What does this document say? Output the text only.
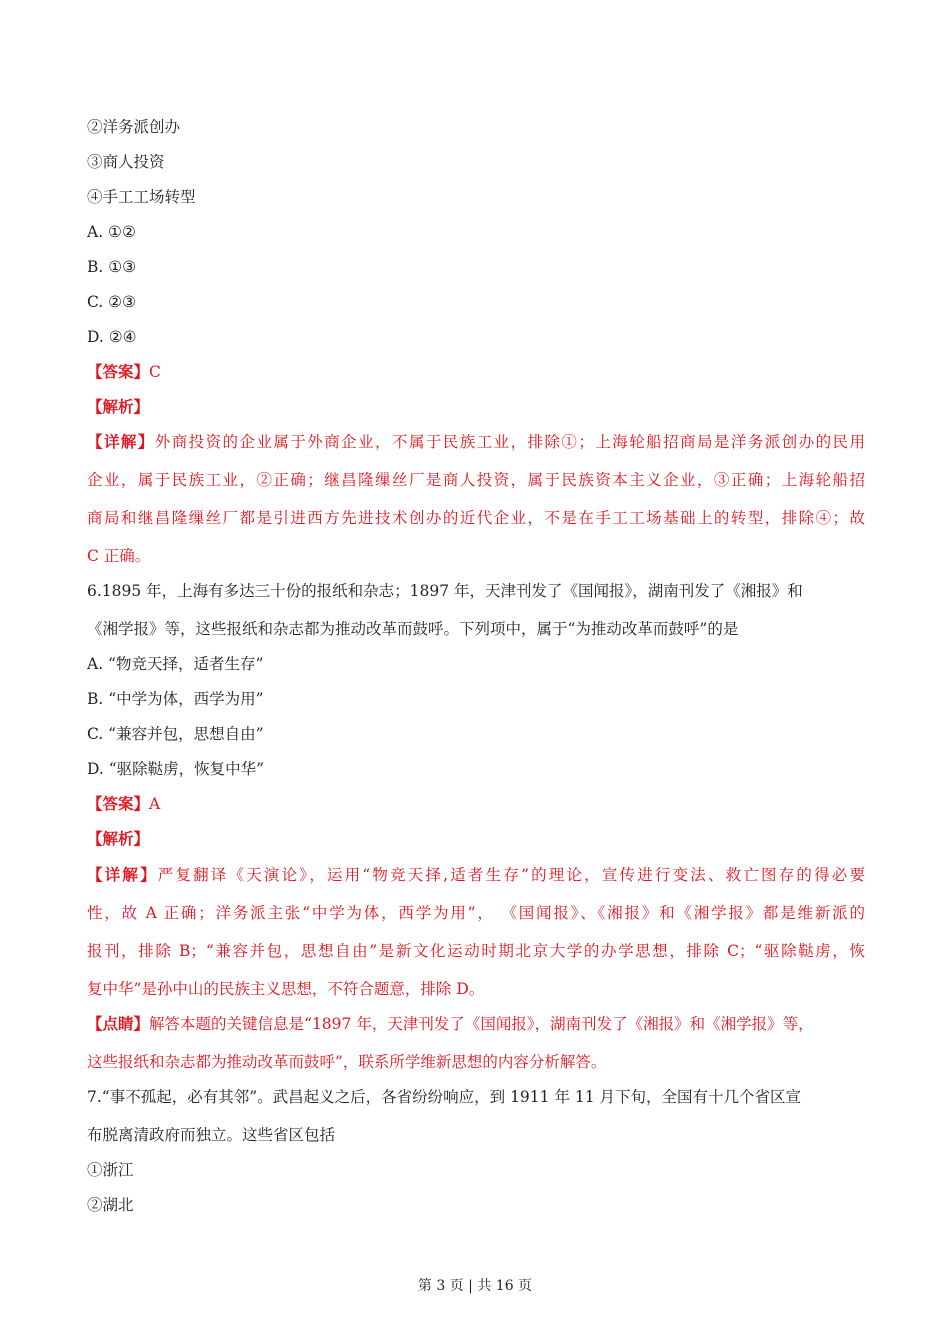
②洋务派创办
③商人投资
④手工工场转型
A. ①②
B. ①③
C. ②③
D. ②④
【答案】C
【解析】
【详解】外商投资的企业属于外商企业，不属于民族工业，排除①；上海轮船招商局是洋务派创办的民用
企业，属于民族工业，②正确；继昌隆缫丝厂是商人投资，属于民族资本主义企业，③正确；上海轮船招
商局和继昌隆缫丝厂都是引进西方先进技术创办的近代企业，不是在手工工场基础上的转型，排除④；故
C 正确。
6.1895 年，上海有多达三十份的报纸和杂志；1897 年，天津刊发了《国闻报》，湖南刊发了《湘报》和
《湘学报》等，这些报纸和杂志都为推动改革而鼓呼。下列项中，属于“为推动改革而鼓呼”的是
A. “物竞天择，适者生存”
B. “中学为体，西学为用”
C. “兼容并包，思想自由”
D. “驱除鞑虏，恢复中华”
【答案】A
【解析】
【详解】严复翻译《天演论》，运用“物竞天择,适者生存”的理论，宣传进行变法、救亡图存的得必要
性，故 A 正确；洋务派主张“中学为体，西学为用”， 《国闻报》、《湘报》和《湘学报》都是维新派的
报刊，排除 B；“兼容并包，思想自由”是新文化运动时期北京大学的办学思想，排除 C；“驱除鞑虏，恢
复中华”是孙中山的民族主义思想，不符合题意，排除 D。
【点睛】解答本题的关键信息是“1897 年，天津刊发了《国闻报》，湖南刊发了《湘报》和《湘学报》等，
这些报纸和杂志都为推动改革而鼓呼”，联系所学维新思想的内容分析解答。
7.“事不孤起，必有其邻”。武昌起义之后，各省纷纷响应，到 1911 年 11 月下旬，全国有十几个省区宣
布脱离清政府而独立。这些省区包括
①浙江
②湖北
第 3 页 | 共 16 页
